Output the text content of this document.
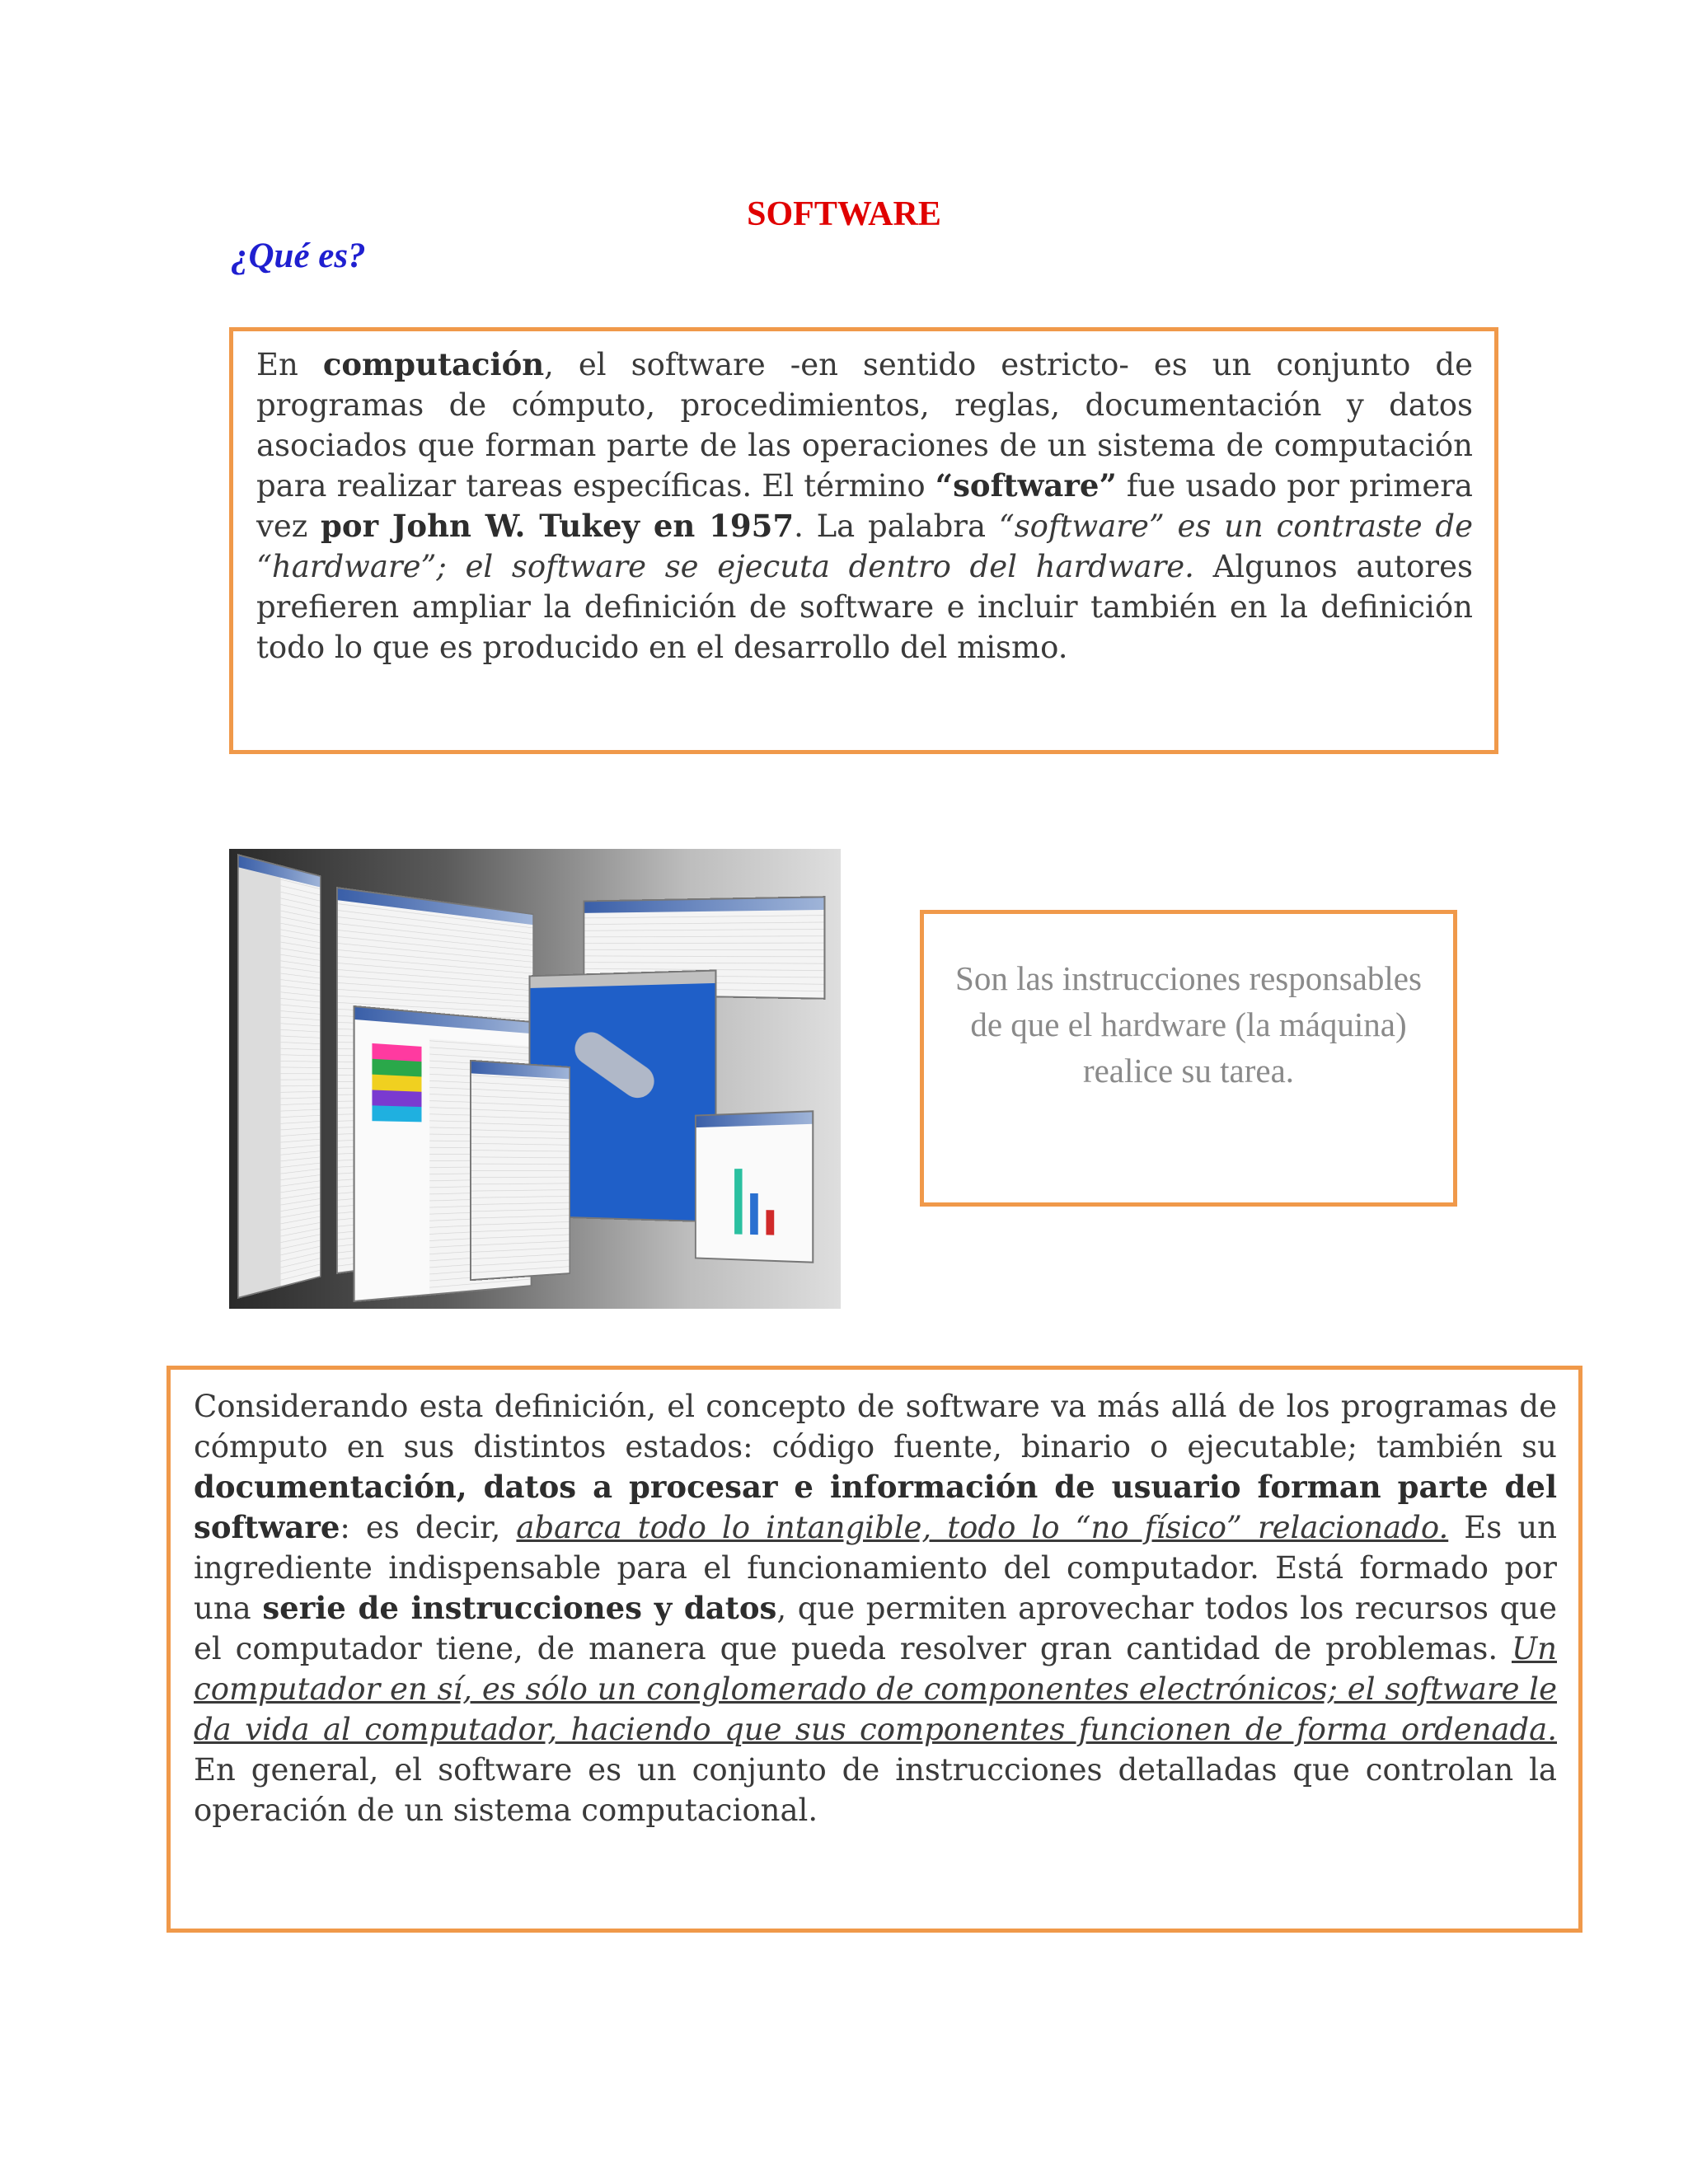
SOFTWARE
¿Qué es?

En computación, el software -en sentido estricto- es un conjunto de programas de cómputo, procedimientos, reglas, documentación y datos asociados que forman parte de las operaciones de un sistema de computación para realizar tareas específicas. El término “software” fue usado por primera vez por John W. Tukey en 1957. La palabra “software” es un contraste de “hardware”; el software se ejecuta dentro del hardware. Algunos autores prefieren ampliar la definición de software e incluir también en la definición todo lo que es producido en el desarrollo del mismo.

Son las instrucciones responsables de que el hardware (la máquina) realice su tarea.

Considerando esta definición, el concepto de software va más allá de los programas de cómputo en sus distintos estados: código fuente, binario o ejecutable; también su documentación, datos a procesar e información de usuario forman parte del software: es decir, abarca todo lo intangible, todo lo “no físico” relacionado. Es un ingrediente indispensable para el funcionamiento del computador. Está formado por una serie de instrucciones y datos, que permiten aprovechar todos los recursos que el computador tiene, de manera que pueda resolver gran cantidad de problemas. Un computador en sí, es sólo un conglomerado de componentes electrónicos; el software le da vida al computador, haciendo que sus componentes funcionen de forma ordenada. En general, el software es un conjunto de instrucciones detalladas que controlan la operación de un sistema computacional.
